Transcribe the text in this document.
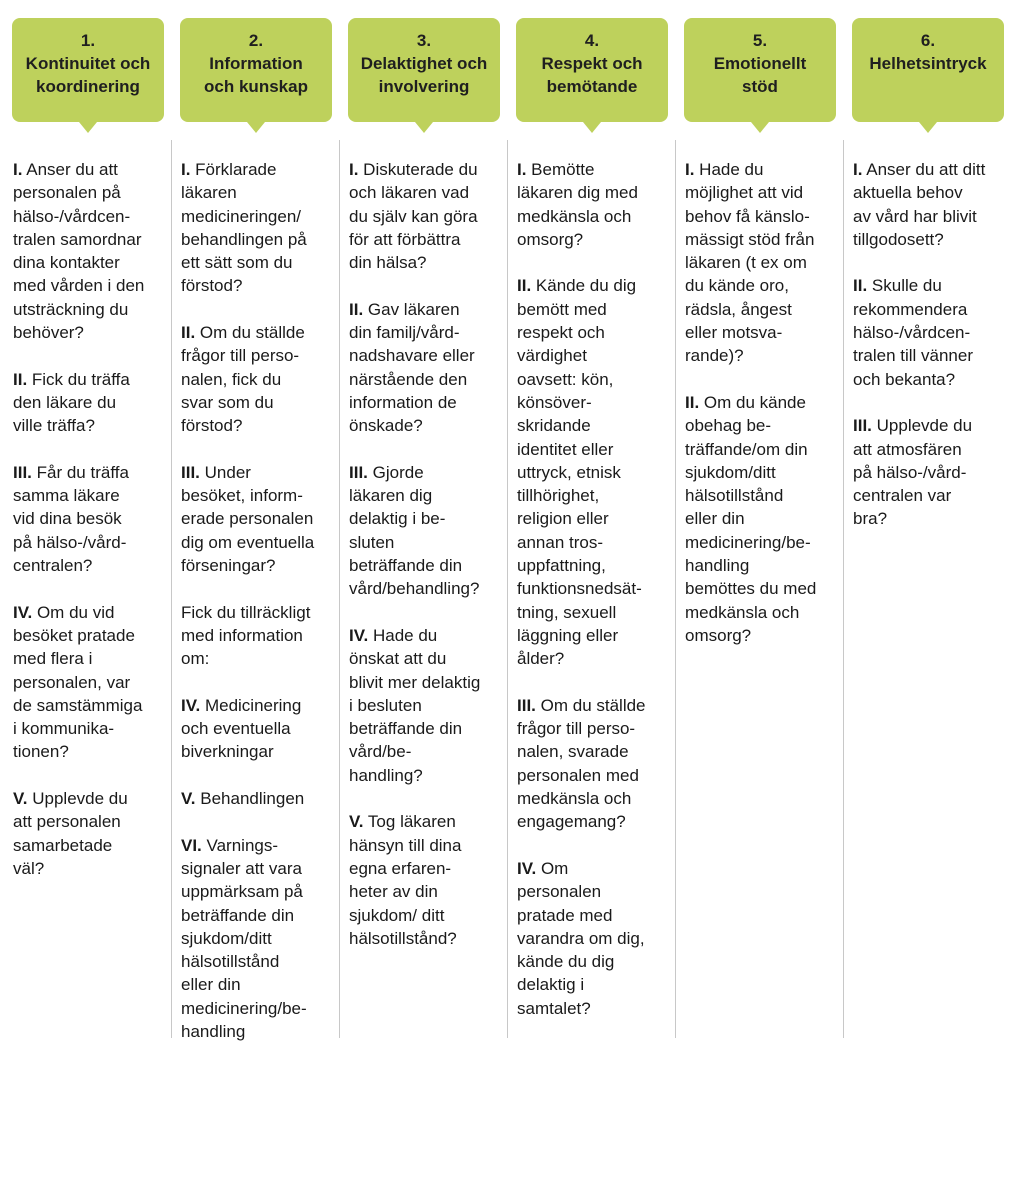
1.
Kontinuitet och
koordinering

I. Anser du att
personalen på
hälso-/vårdcen-
tralen samordnar
dina kontakter
med vården i den
utsträckning du
behöver?

II. Fick du träffa
den läkare du
ville träffa?

III. Får du träffa
samma läkare
vid dina besök
på hälso-/vård-
centralen?

IV. Om du vid
besöket pratade
med flera i
personalen, var
de samstämmiga
i kommunika-
tionen?

V. Upplevde du
att personalen
samarbetade
väl?

2.
Information
och kunskap

I. Förklarade
läkaren
medicineringen/
behandlingen på
ett sätt som du
förstod?

II. Om du ställde
frågor till perso-
nalen, fick du
svar som du
förstod?

III. Under
besöket, inform-
erade personalen
dig om eventuella
förseningar?

Fick du tillräckligt
med information
om:

IV. Medicinering
och eventuella
biverkningar

V. Behandlingen

VI. Varnings-
signaler att vara
uppmärksam på
beträffande din
sjukdom/ditt
hälsotillstånd
eller din
medicinering/be-
handling

3.
Delaktighet och
involvering

I. Diskuterade du
och läkaren vad
du själv kan göra
för att förbättra
din hälsa?

II. Gav läkaren
din familj/vård-
nadshavare eller
närstående den
information de
önskade?

III. Gjorde
läkaren dig
delaktig i be-
sluten
beträffande din
vård/behandling?

IV. Hade du
önskat att du
blivit mer delaktig
i besluten
beträffande din
vård/be-
handling?

V. Tog läkaren
hänsyn till dina
egna erfaren-
heter av din
sjukdom/ ditt
hälsotillstånd?

4.
Respekt och
bemötande

I. Bemötte
läkaren dig med
medkänsla och
omsorg?

II. Kände du dig
bemött med
respekt och
värdighet
oavsett: kön,
könsöver-
skridande
identitet eller
uttryck, etnisk
tillhörighet,
religion eller
annan tros-
uppfattning,
funktionsnedsät-
tning, sexuell
läggning eller
ålder?

III. Om du ställde
frågor till perso-
nalen, svarade
personalen med
medkänsla och
engagemang?

IV. Om
personalen
pratade med
varandra om dig,
kände du dig
delaktig i
samtalet?

5.
Emotionellt
stöd

I. Hade du
möjlighet att vid
behov få känslo-
mässigt stöd från
läkaren (t ex om
du kände oro,
rädsla, ångest
eller motsva-
rande)?

II. Om du kände
obehag be-
träffande/om din
sjukdom/ditt
hälsotillstånd
eller din
medicinering/be-
handling
bemöttes du med
medkänsla och
omsorg?

6.
Helhetsintryck

I. Anser du att ditt
aktuella behov
av vård har blivit
tillgodosett?

II. Skulle du
rekommendera
hälso-/vårdcen-
tralen till vänner
och bekanta?

III. Upplevde du
att atmosfären
på hälso-/vård-
centralen var
bra?
